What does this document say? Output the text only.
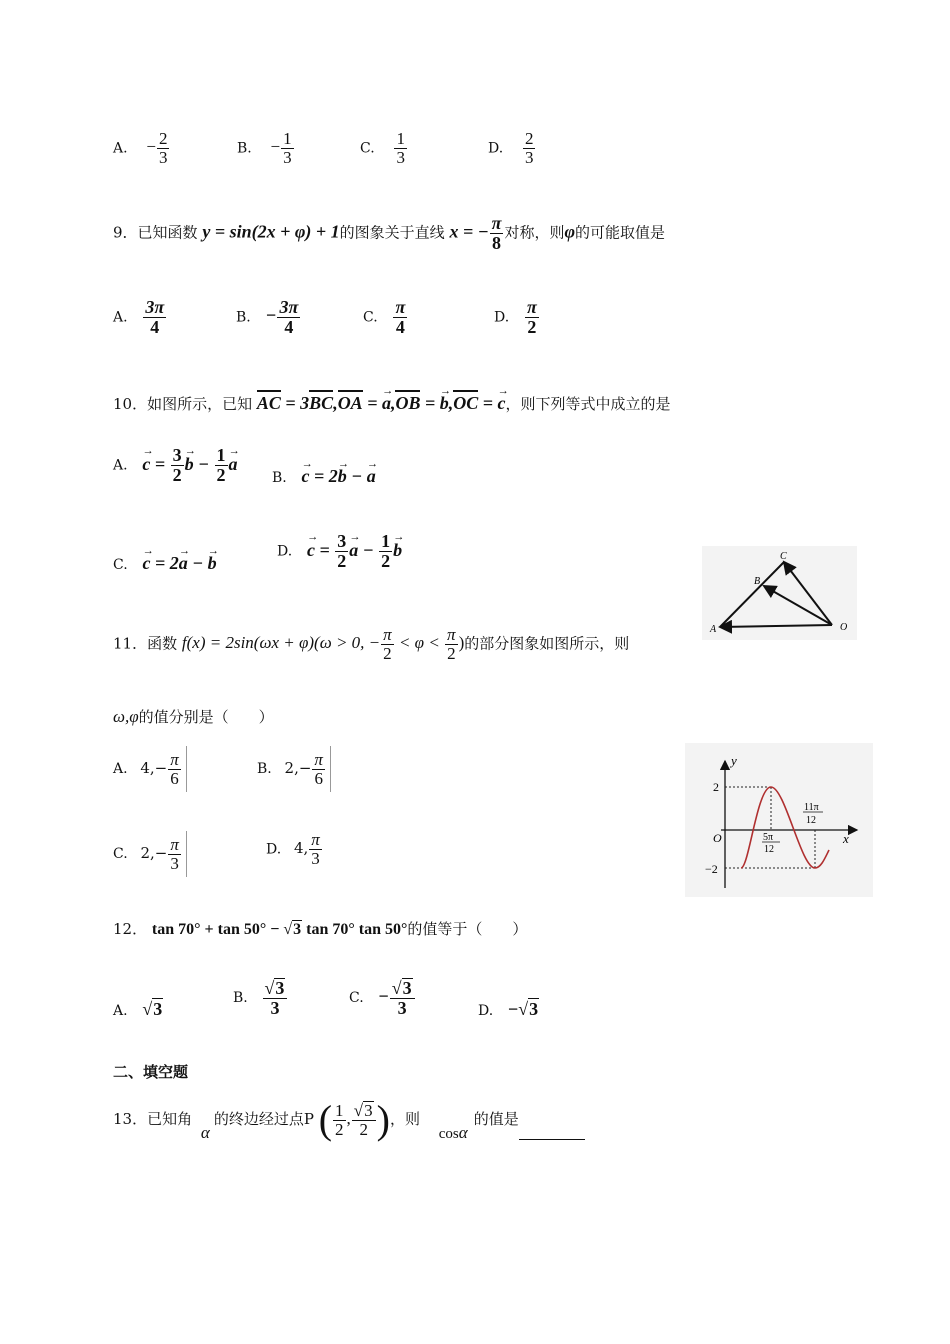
A. − $\frac{2}{3}$	B. − $\frac{1}{3}$	C. $\frac{1}{3}$	D. $\frac{2}{3}$
9．已知函数 y = sin(2x + φ) + 1的图象关于直线 x = − $\frac{\pi}{8}$ 对称，则φ的可能取值是
A. $\frac{3\pi}{4}$	B. − $\frac{3\pi}{4}$	C. $\frac{\pi}{4}$	D. $\frac{\pi}{2}$
10．如图所示，已知 AC = 3BC,OA = → a,OB = → b,OC = → c，则下列等式中成立的是
A. → $c = \frac{3}{2}$
→ $b - \frac{1}{2}$
→ a
B. → c = 2→ b − → a
C. → c = 2→ a − → b
D. → $c = \frac{3}{2}$
→ $a - \frac{1}{2}$
→ b
A
B
C
O
11．函数 f(x) = 2sin(ωx + φ)(ω > 0, − $\frac{\pi}{2} < \varphi < \frac{\pi}{2}$ )的部分图象如图所示，则
ω,φ的值分别是（　　）
A. $4,- \frac{\pi}{6}$	B. $2,- \frac{\pi}{6}$
C. $2,- \frac{\pi}{3}$	D. 4, $\frac{\pi}{3}$
y
x
O
2
−2
5π
12
11π
12
12． tan 70° + tan 50° − √3 tan 70° tan 50°的值等于（　　）
A. √3
B. $\frac{√3}{3}$	C. − $\frac{√3}{3}$	D. −√3
二、填空题
13．已知角 α的终边经过点P ( $\frac{1}{2}$ , $\frac{√3}{2}$ )，则 cosα的值是
